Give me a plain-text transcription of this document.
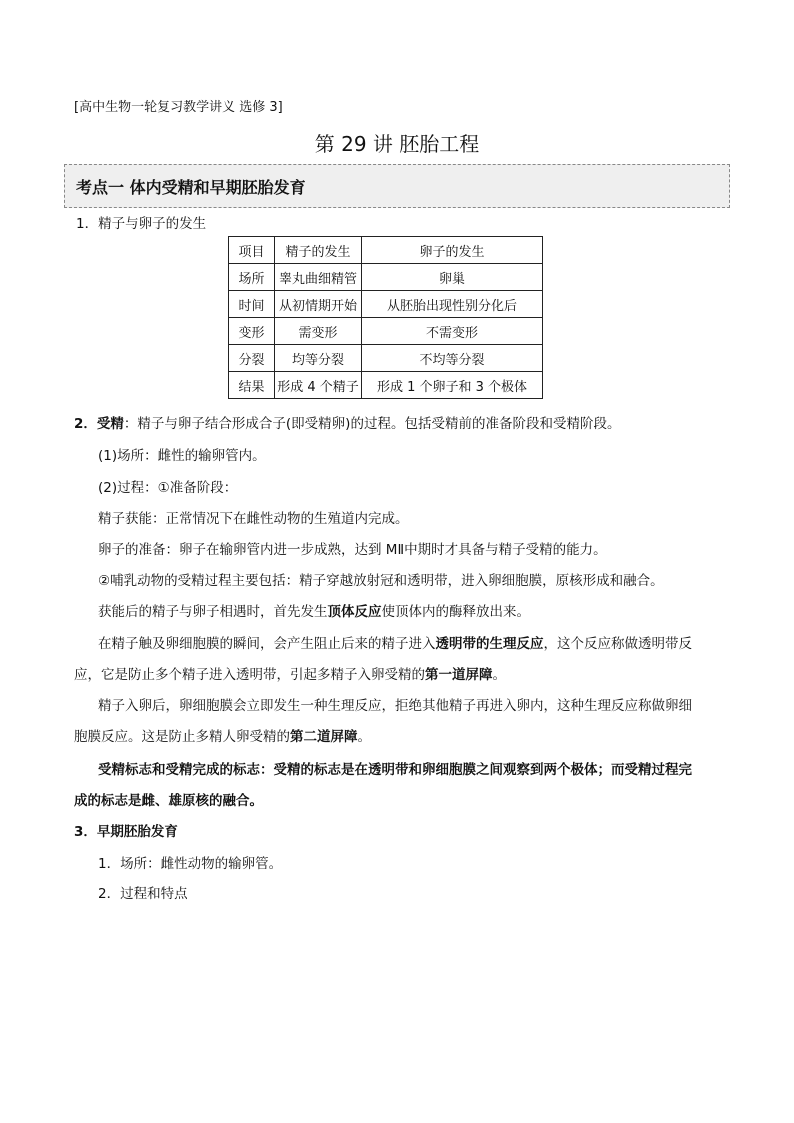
[高中生物一轮复习教学讲义 选修 3]
第 29 讲 胚胎工程
考点一 体内受精和早期胚胎发育
1．精子与卵子的发生
项目	精子的发生	卵子的发生
场所	睾丸曲细精管	卵巢
时间	从初情期开始	从胚胎出现性别分化后
变形	需变形	不需变形
分裂	均等分裂	不均等分裂
结果	形成 4 个精子	形成 1 个卵子和 3 个极体
2．受精：精子与卵子结合形成合子(即受精卵)的过程。包括受精前的准备阶段和受精阶段。
(1)场所：雌性的输卵管内。
(2)过程：①准备阶段：
精子获能：正常情况下在雌性动物的生殖道内完成。
卵子的准备：卵子在输卵管内进一步成熟，达到 MⅡ中期时才具备与精子受精的能力。
②哺乳动物的受精过程主要包括：精子穿越放射冠和透明带，进入卵细胞膜，原核形成和融合。
获能后的精子与卵子相遇时，首先发生顶体反应使顶体内的酶释放出来。
在精子触及卵细胞膜的瞬间，会产生阻止后来的精子进入透明带的生理反应，这个反应称做透明带反
应，它是防止多个精子进入透明带，引起多精子入卵受精的第一道屏障。
精子入卵后，卵细胞膜会立即发生一种生理反应，拒绝其他精子再进入卵内，这种生理反应称做卵细
胞膜反应。这是防止多精人卵受精的第二道屏障。
受精标志和受精完成的标志：受精的标志是在透明带和卵细胞膜之间观察到两个极体；而受精过程完
成的标志是雌、雄原核的融合。
3．早期胚胎发育
1．场所：雌性动物的输卵管。
2．过程和特点
